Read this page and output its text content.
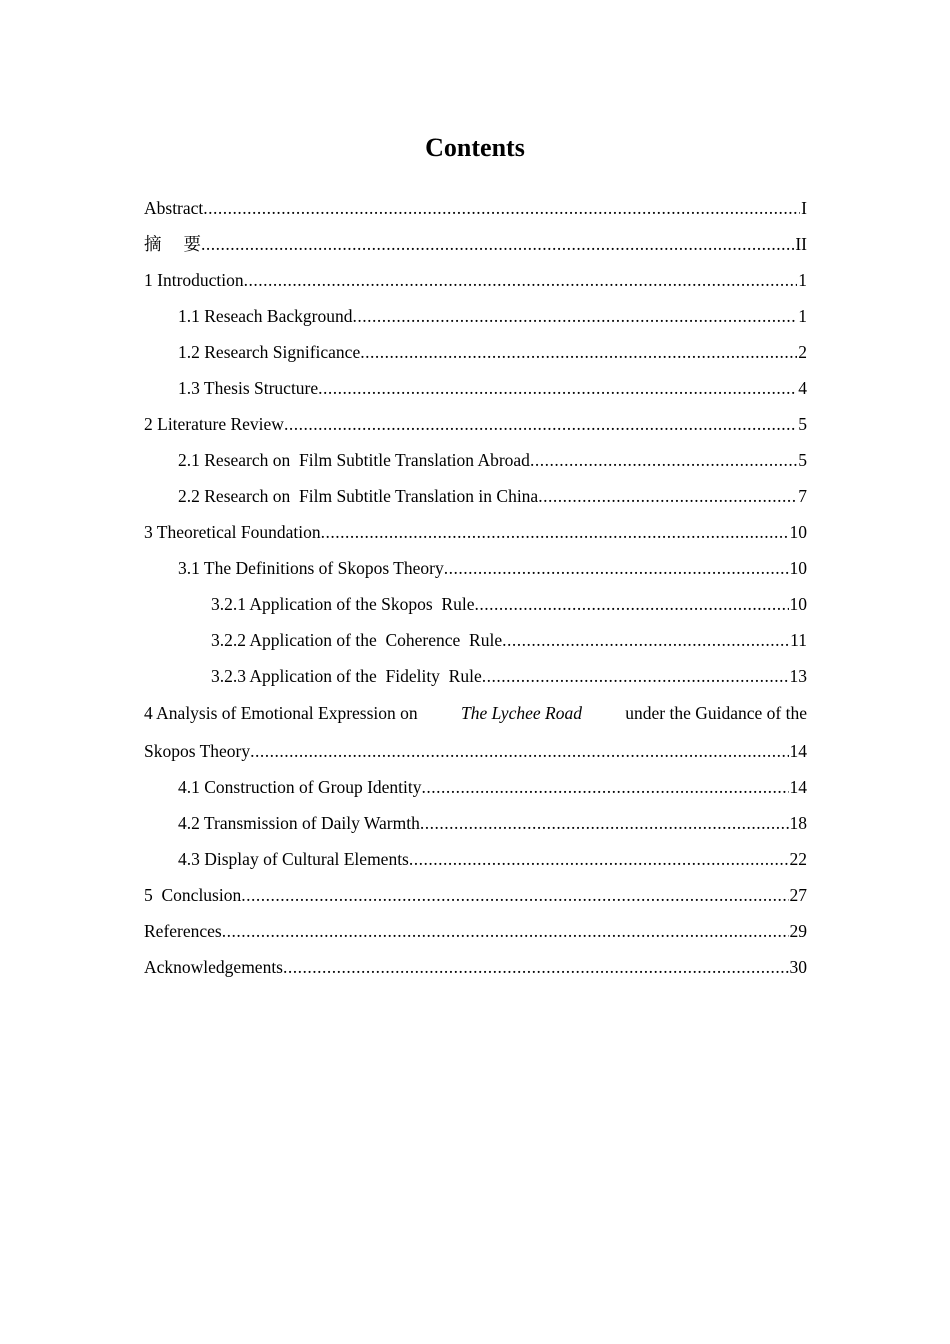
Contents
Abstract .....	I
摘 要 .....	II
1 Introduction .....	1
1.1 Reseach Background .....	1
1.2 Research Significance .....	2
1.3 Thesis Structure .....	4
2 Literature Review .....	5
2.1 Research on  Film Subtitle Translation Abroad .....	5
2.2 Research on  Film Subtitle Translation in China .....	7
3 Theoretical Foundation .....	10
3.1 The Definitions of Skopos Theory .....	10
3.2.1 Application of the Skopos  Rule .....	10
3.2.2 Application of the  Coherence  Rule .....	11
3.2.3 Application of the  Fidelity  Rule .....	13
4 Analysis of Emotional Expression on The Lychee Road under the Guidance of the
Skopos Theory .....	14
4.1 Construction of Group Identity .....	14
4.2 Transmission of Daily Warmth .....	18
4.3 Display of Cultural Elements .....	22
5  Conclusion .....	27
References .....	29
Acknowledgements .....	30
